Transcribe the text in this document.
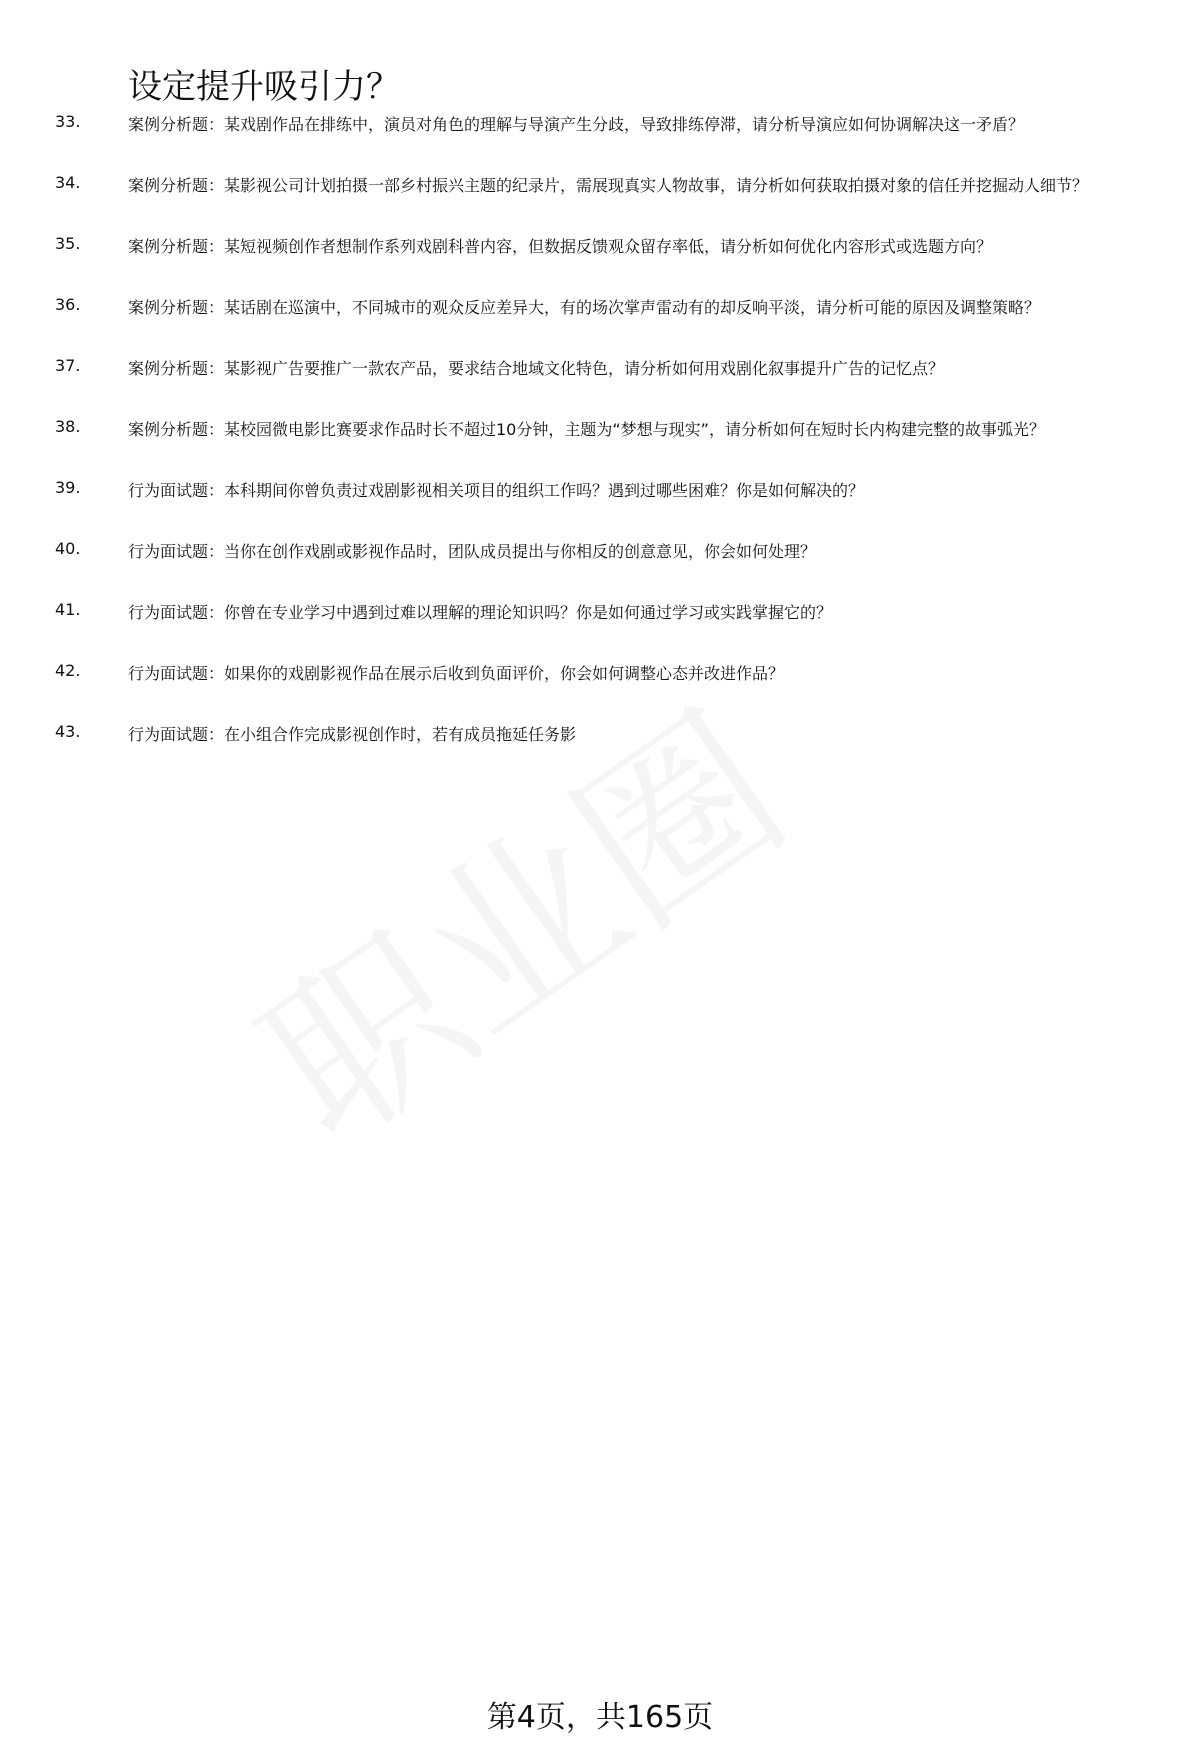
设定提升吸引力？

33.	案例分析题：某戏剧作品在排练中，演员对角色的理解与导演产生分歧，导致排练停滞，请分析导演应如何协调解决这一矛盾？
34.	案例分析题：某影视公司计划拍摄一部乡村振兴主题的纪录片，需展现真实人物故事，请分析如何获取拍摄对象的信任并挖掘动人细节？
35.	案例分析题：某短视频创作者想制作系列戏剧科普内容，但数据反馈观众留存率低，请分析如何优化内容形式或选题方向？
36.	案例分析题：某话剧在巡演中，不同城市的观众反应差异大，有的场次掌声雷动有的却反响平淡，请分析可能的原因及调整策略？
37.	案例分析题：某影视广告要推广一款农产品，要求结合地域文化特色，请分析如何用戏剧化叙事提升广告的记忆点？
38.	案例分析题：某校园微电影比赛要求作品时长不超过10分钟，主题为“梦想与现实”，请分析如何在短时长内构建完整的故事弧光？
39.	行为面试题：本科期间你曾负责过戏剧影视相关项目的组织工作吗？遇到过哪些困难？你是如何解决的？
40.	行为面试题：当你在创作戏剧或影视作品时，团队成员提出与你相反的创意意见，你会如何处理？
41.	行为面试题：你曾在专业学习中遇到过难以理解的理论知识吗？你是如何通过学习或实践掌握它的？
42.	行为面试题：如果你的戏剧影视作品在展示后收到负面评价，你会如何调整心态并改进作品？
43.	行为面试题：在小组合作完成影视创作时，若有成员拖延任务影
第4页，共165页
